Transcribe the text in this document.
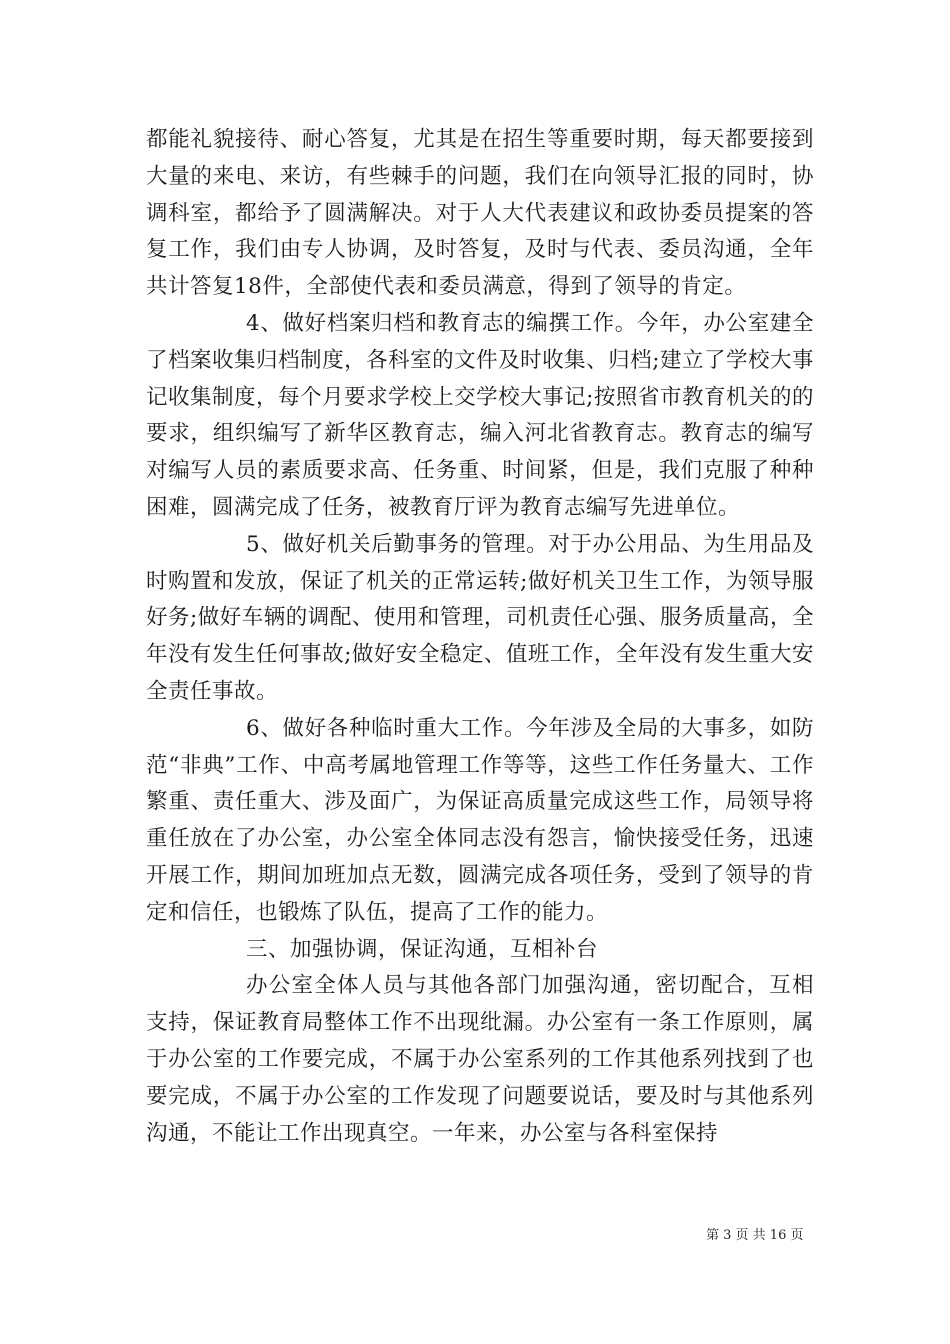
都能礼貌接待、耐心答复，尤其是在招生等重要时期，每天都要接到大量的来电、来访，有些棘手的问题，我们在向领导汇报的同时，协调科室，都给予了圆满解决。对于人大代表建议和政协委员提案的答复工作，我们由专人协调，及时答复，及时与代表、委员沟通，全年共计答复18件，全部使代表和委员满意，得到了领导的肯定。

4、做好档案归档和教育志的编撰工作。今年，办公室建全了档案收集归档制度，各科室的文件及时收集、归档;建立了学校大事记收集制度，每个月要求学校上交学校大事记;按照省市教育机关的的要求，组织编写了新华区教育志，编入河北省教育志。教育志的编写对编写人员的素质要求高、任务重、时间紧，但是，我们克服了种种困难，圆满完成了任务，被教育厅评为教育志编写先进单位。

5、做好机关后勤事务的管理。对于办公用品、为生用品及时购置和发放，保证了机关的正常运转;做好机关卫生工作，为领导服好务;做好车辆的调配、使用和管理，司机责任心强、服务质量高，全年没有发生任何事故;做好安全稳定、值班工作，全年没有发生重大安全责任事故。

6、做好各种临时重大工作。今年涉及全局的大事多，如防范“非典”工作、中高考属地管理工作等等，这些工作任务量大、工作繁重、责任重大、涉及面广，为保证高质量完成这些工作，局领导将重任放在了办公室，办公室全体同志没有怨言，愉快接受任务，迅速开展工作，期间加班加点无数，圆满完成各项任务，受到了领导的肯定和信任，也锻炼了队伍，提高了工作的能力。

三、加强协调，保证沟通，互相补台

办公室全体人员与其他各部门加强沟通，密切配合，互相支持，保证教育局整体工作不出现纰漏。办公室有一条工作原则，属于办公室的工作要完成，不属于办公室系列的工作其他系列找到了也要完成，不属于办公室的工作发现了问题要说话，要及时与其他系列沟通，不能让工作出现真空。一年来，办公室与各科室保持

第 3 页 共 16 页
